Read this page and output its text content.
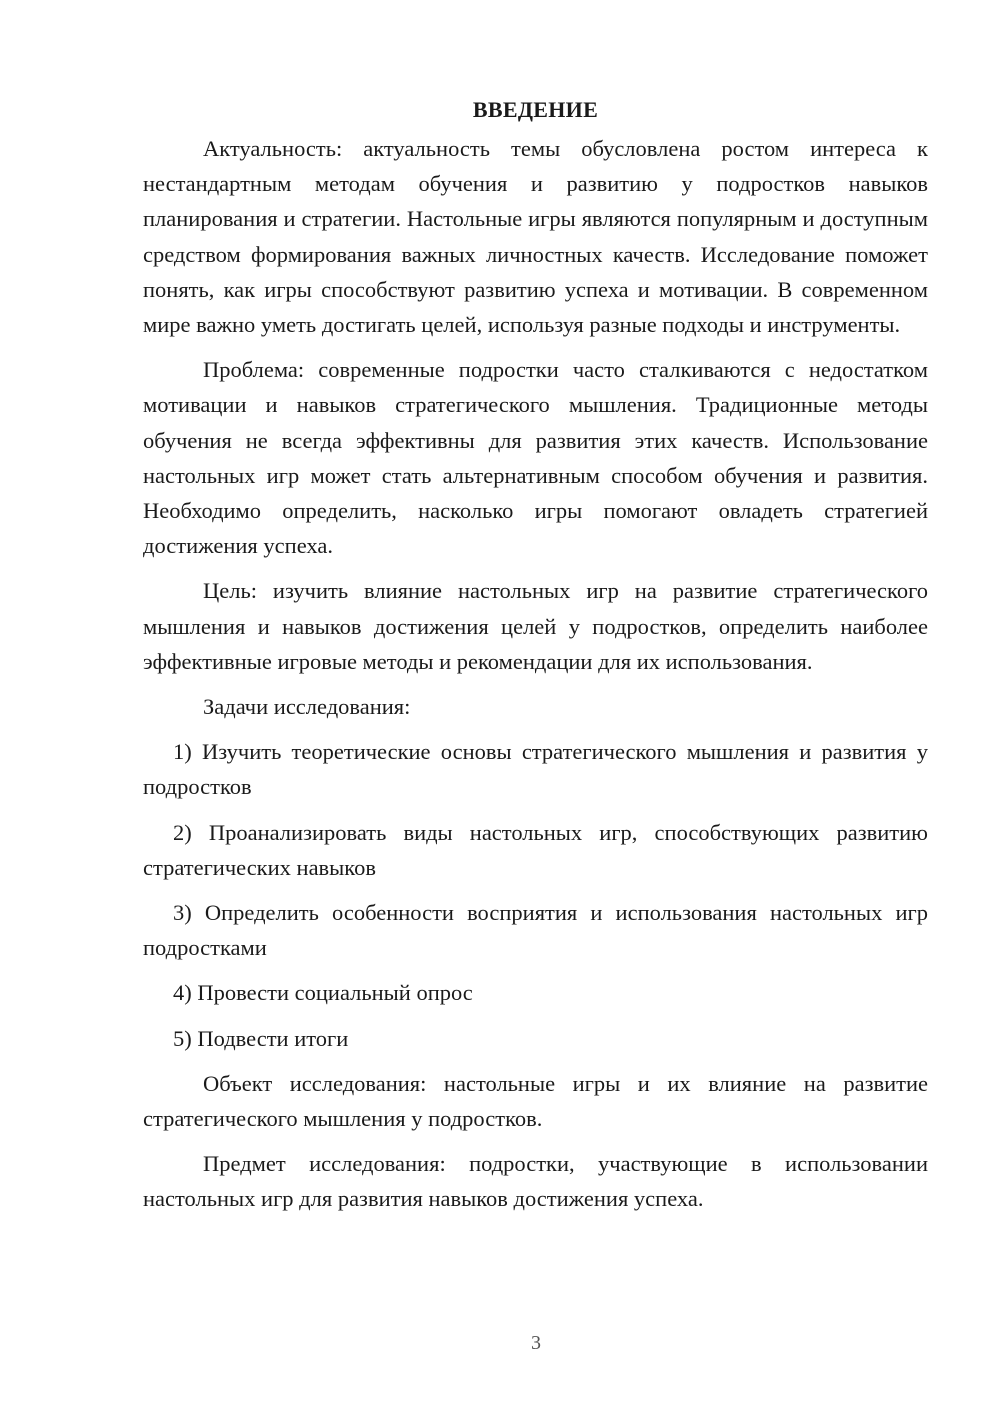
ВВЕДЕНИЕ

Актуальность: актуальность темы обусловлена ростом интереса к нестандартным методам обучения и развитию у подростков навыков планирования и стратегии. Настольные игры являются популярным и доступным средством формирования важных личностных качеств. Исследование поможет понять, как игры способствуют развитию успеха и мотивации. В современном мире важно уметь достигать целей, используя разные подходы и инструменты.

Проблема: современные подростки часто сталкиваются с недостатком мотивации и навыков стратегического мышления. Традиционные методы обучения не всегда эффективны для развития этих качеств. Использование настольных игр может стать альтернативным способом обучения и развития. Необходимо определить, насколько игры помогают овладеть стратегией достижения успеха.

Цель: изучить влияние настольных игр на развитие стратегического мышления и навыков достижения целей у подростков, определить наиболее эффективные игровые методы и рекомендации для их использования.

Задачи исследования:

1) Изучить теоретические основы стратегического мышления и развития у подростков

2) Проанализировать виды настольных игр, способствующих развитию стратегических навыков

3) Определить особенности восприятия и использования настольных игр подростками

4) Провести социальный опрос

5) Подвести итоги

Объект исследования: настольные игры и их влияние на развитие стратегического мышления у подростков.

Предмет исследования: подростки, участвующие в использовании настольных игр для развития навыков достижения успеха.

3
